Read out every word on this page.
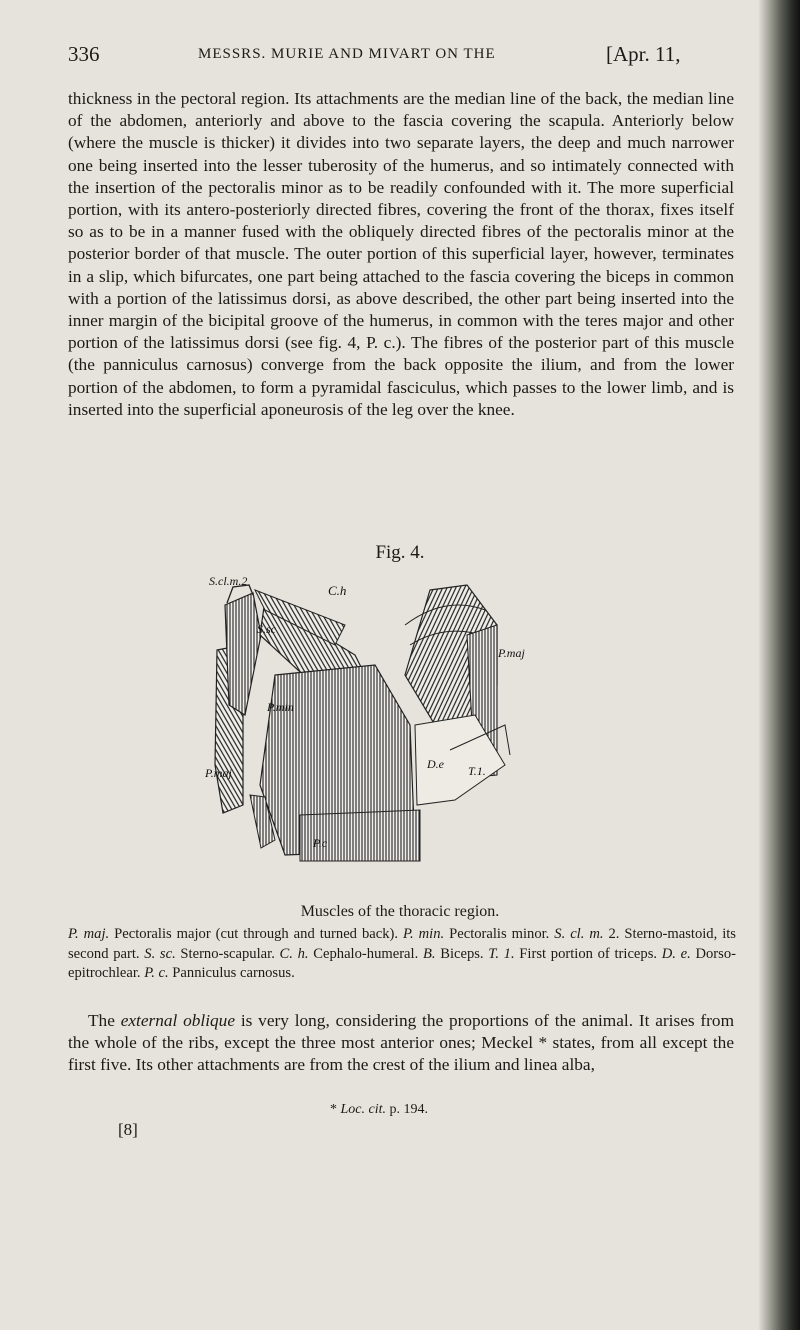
336	MESSRS. MURIE AND MIVART ON THE	[Apr. 11,

thickness in the pectoral region. Its attachments are the median line of the back, the median line of the abdomen, anteriorly and above to the fascia covering the scapula. Anteriorly below (where the muscle is thicker) it divides into two separate layers, the deep and much narrower one being inserted into the lesser tuberosity of the humerus, and so intimately connected with the insertion of the pectoralis minor as to be readily confounded with it. The more superficial portion, with its antero-posteriorly directed fibres, covering the front of the thorax, fixes itself so as to be in a manner fused with the obliquely directed fibres of the pectoralis minor at the posterior border of that muscle. The outer portion of this superficial layer, however, terminates in a slip, which bifurcates, one part being attached to the fascia covering the biceps in common with a portion of the latissimus dorsi, as above described, the other part being inserted into the inner margin of the bicipital groove of the humerus, in common with the teres major and other portion of the latissimus dorsi (see fig. 4, P. c.). The fibres of the posterior part of this muscle (the panniculus carnosus) converge from the back opposite the ilium, and from the lower portion of the abdomen, to form a pyramidal fasciculus, which passes to the lower limb, and is inserted into the superficial aponeurosis of the leg over the knee.

Fig. 4.

S.cl.m.2
C.h
S.sc
P.maj
P.min
P.maj
D.e T.1.
P.c

Muscles of the thoracic region.

P. maj. Pectoralis major (cut through and turned back). P. min. Pectoralis minor. S. cl. m. 2. Sterno-mastoid, its second part. S. sc. Sterno-scapular. C. h. Cephalo-humeral. B. Biceps. T. 1. First portion of triceps. D. e. Dorso-epitrochlear. P. c. Panniculus carnosus.

The external oblique is very long, considering the proportions of the animal. It arises from the whole of the ribs, except the three most anterior ones; Meckel * states, from all except the first five. Its other attachments are from the crest of the ilium and linea alba,

* Loc. cit. p. 194.

[8]
